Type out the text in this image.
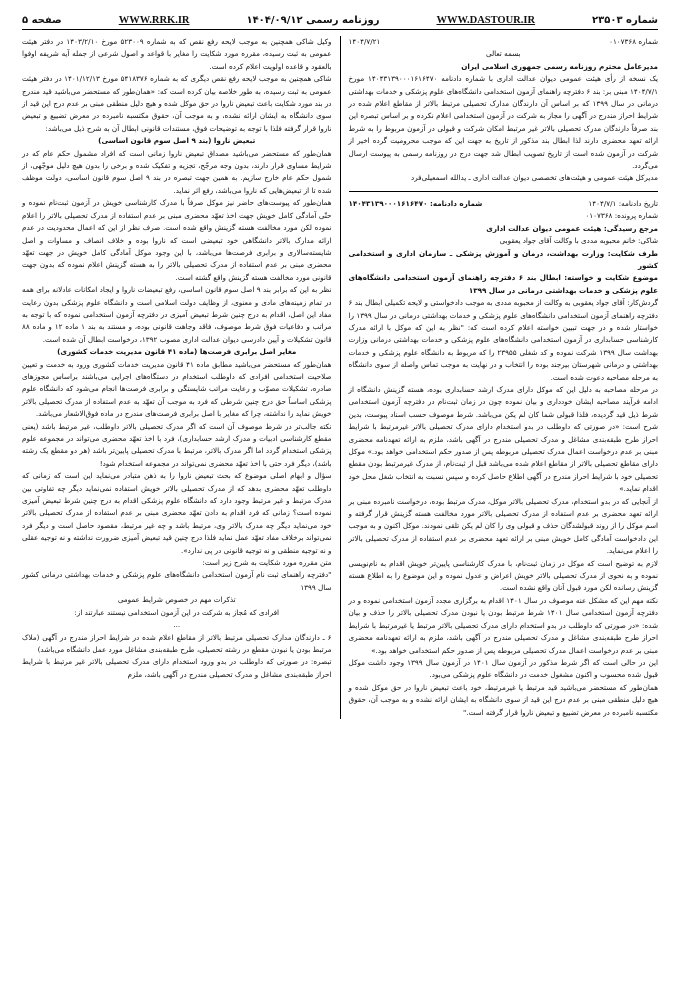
شماره ۲۳۵۰۳
WWW.DASTOUR.IR
روزنامه رسمی ۱۴۰۴/۰۹/۱۲
WWW.RRK.IR
صفحه ۵
شماره ۰۱۰۷۳۶۸
۱۴۰۴/۷/۲۱

بسمه تعالی

مدیرعامل محترم روزنامه رسمی جمهوری اسلامی ایران

یک نسخه از رأی هیئت عمومی دیوان عدالت اداری با شماره دادنامه ۱۴۰۴۳۱۳۹۰۰۰۱۶۱۶۴۷۰ مورخ ۱۴۰۴/۷/۱ مبنی بر: بند ۶ دفترچه راهنمای آزمون استخدامی دانشگاه‌های علوم پزشکی و خدمات بهداشتی درمانی در سال ۱۳۹۹ که بر اساس آن دارندگان مدارک تحصیلی مرتبط بالاتر از مقاطع اعلام شده در شرایط احراز مندرج در آگهی را مجاز به شرکت در آزمون استخدامی اعلام نکرده و بر اساس تبصره این بند صرفاً دارندگان مدرک تحصیلی بالاتر غیر مرتبط امکان شرکت و قبولی در آزمون مربوط را به شرط ارائه تعهد محضری دارند لذا ابطال بند مذکور از تاریخ به جهت این که موجب محرومیت گرده اخیر از شرکت در آزمون شده است از تاریخ تصویب ابطال شد جهت درج در روزنامه رسمی به پیوست ارسال می‌گردد.

مدیرکل هیئت عمومی و هیئت‌های تخصصی دیوان عدالت اداری ـ یدالله اسمعیلی‌فرد

تاریخ دادنامه: ۱۴۰۴/۷/۱
شماره دادنامه: ۱۴۰۴۳۱۳۹۰۰۰۱۶۱۶۴۷۰

شماره پرونده: ۰۱۰۷۳۶۸

مرجع رسیدگی: هیئت عمومی دیوان عدالت اداری

شاکی: خانم محبوبه مددی با وکالت آقای جواد یعقوبی

طرف شکایت: وزارت بهداشت، درمان و آموزش پزشکی ـ سازمان اداری و استخدامی کشور

موضوع شکایت و خواسته: ابطال بند ۶ دفترچه راهنمای آزمون استخدامی دانشگاه‌های علوم پزشکی و خدمات بهداشتی درمانی در سال ۱۳۹۹

گردش‌کار: آقای جواد یعقوبی به وکالت از محبوبه مددی به موجب دادخواستی و لایحه تکمیلی ابطال بند ۶ دفترچه راهنمای آزمون استخدامی دانشگاه‌های علوم پزشکی و خدمات بهداشتی درمانی در سال ۱۳۹۹ را خواستار شده و در جهت تبیین خواسته اعلام کرده است که: "نظر به این که موکل با ارائه مدرک کارشناسی حسابداری در آزمون استخدامی دانشگاه‌های علوم پزشکی و خدمات بهداشتی درمانی وزارت بهداشت سال ۱۳۹۹ شرکت نموده و کد شغلی ۲۳۹۵۵ را که مربوط به دانشگاه علوم پزشکی و خدمات بهداشتی و درمانی شهرستان بیرجند بوده را انتخاب و در نهایت به موجب تماس واصله از سوی دانشگاه به مرحله مصاحبه دعوت شده است.

در مرحله مصاحبه به دلیل این که موکل دارای مدرک ارشد حسابداری بوده، هسته گزینش دانشگاه از ادامه فرآیند مصاحبه ایشان خودداری و بیان نموده چون در زمان ثبت‌نام در دفترچه آزمون استخدامی شرط ذیل قید گردیده، فلذا قبولی شما کان لم یکن می‌باشد. شرط موصوف حسب اسناد پیوست، بدین شرح است: «در صورتی که داوطلب در بدو استخدام دارای مدرک تحصیلی بالاتر غیرمرتبط با شرایط احراز طرح طبقه‌بندی مشاغل و مدرک تحصیلی مندرج در آگهی باشد، ملزم به ارائه تعهدنامه محضری مبنی بر عدم درخواست اعمال مدرک تحصیلی مربوطه پس از صدور حکم استخدامی خواهد بود.» موکل دارای مقاطع تحصیلی بالاتر از مقاطع اعلام شده می‌باشد قبل از ثبت‌نام، از مدرک غیرمرتبط بودن مقطع تحصیلی خود با شرایط احراز مندرج در آگهی اطلاع حاصل کرده و سپس نسبت به انتخاب شغل محل خود اقدام نماید.»

از آنجایی که در بدو استخدام، مدرک تحصیلی بالاتر موکل، مدرک مرتبط بوده، درخواست نامبرده مبنی بر ارائه تعهد محضری بر عدم استفاده از مدرک تحصیلی بالاتر مورد مخالفت هسته گزینش قرار گرفته و اسم موکل را از روند قبولشدگان حذف و قبولی وی را کان لم یکن تلقی نمودند. موکل اکنون و به موجب این دادخواست آمادگی کامل خویش مبنی بر ارائه تعهد محضری بر عدم استفاده از مدرک تحصیلی بالاتر را اعلام می‌نماید.

لازم به توضیح است که موکل در زمان ثبت‌نام، با مدرک کارشناسی پایین‌تر خویش اقدام به نام‌نویسی نموده و به نحوی از مدرک تحصیلی بالاتر خویش اعراض و عدول نموده و این موضوع را به اطلاع هسته گزینش رسانده لکن مورد قبول آنان واقع نشده است.

نکته مهم این که مشکل عنه موصوف در سال ۱۴۰۱ اقدام به برگزاری مجدد آزمون استخدامی نموده و در دفترچه آزمون استخدامی سال ۱۴۰۱ شرط مرتبط بودن یا نبودن مدرک تحصیلی بالاتر را حذف و بیان شده: «در صورتی که داوطلب در بدو استخدام دارای مدرک تحصیلی بالاتر مرتبط یا غیرمرتبط با شرایط احراز طرح طبقه‌بندی مشاغل و مدرک تحصیلی مندرج در آگهی باشد، ملزم به ارائه تعهدنامه محضری مبنی بر عدم درخواست اعمال مدرک تحصیلی مربوطه پس از صدور حکم استخدامی خواهد بود.»

این در حالی است که اگر شرط مذکور در آزمون سال ۱۴۰۱ در آزمون سال ۱۳۹۹ وجود داشت موکل قبول شده محسوب و اکنون مشغول خدمت در دانشگاه علوم پزشکی می‌بود.

همان‌طور که مستحضر می‌باشید قید مرتبط یا غیرمرتبط، خود باعث تبعیض ناروا در حق موکل شده و هیچ دلیل منطقی مبنی بر عدم درج این قید از سوی دانشگاه به ایشان ارائه نشده و به موجب آن، حقوق مکتسبه نامبرده در معرض تضییع و تبعیض ناروا قرار گرفته است."

وکیل شاکی همچنین به موجب لایحه رفع نقص که به شماره ۵۲۳۰۰۹ مورخ ۱۴۰۳/۲/۱۰ در دفتر هیئت عمومی به ثبت رسیده، مقرره مورد شکایت را مغایر با قواعد و اصول شرعی از جمله آیه شریفه اوفوا بالعقود و قاعده اولویت اعلام کرده است.

شاکی همچنین به موجب لایحه رفع نقص دیگری که به شماره ۵۴۱۸۳۷۶ مورخ ۱۴۰۱/۱۲/۱۳ در دفتر هیئت عمومی به ثبت رسیده، به طور خلاصه بیان کرده است که: «همان‌طور که مستحضر می‌باشید قید مندرج در بند مورد شکایت باعث تبعیض ناروا در حق موکل شده و هیچ دلیل منطقی مبنی بر عدم درج این قید از سوی دانشگاه به ایشان ارائه نشده، و به موجب آن، حقوق مکتسبه نامبرده در معرض تضییع و تبعیض ناروا قرار گرفته فلذا با توجه به توضیحات فوق، مستندات قانونی ابطال آن به شرح ذیل می‌باشد:

تبعیض ناروا (بند ۹ اصل سوم قانون اساسی)

همان‌طور که مستحضر می‌باشید مصداق تبعیض ناروا زمانی است که افراد مشمول حکم عام که در شرایط مساوی قرار دارند، بدون وجه مرجّح، تجزیه و تفکیک شده و برخی را بدون هیچ دلیل موجّهی، از شمول حکم عام خارج سازیم. به همین جهت تبصره در بند ۹ اصل سوم قانون اساسی، دولت موظف شده تا از تبعیض‌هایی که ناروا می‌باشد، رفع اثر نماید.

همان‌طور که پیوست‌های حاضر نیز موکل صرفاً با مدرک کارشناسی خویش در آزمون ثبت‌نام نموده و حتّی آمادگی کامل خویش جهت اخذ تعهّد محضری مبنی بر عدم استفاده از مدرک تحصیلی بالاتر را اعلام نموده لکن مورد مخالفت هسته گزینش واقع شده است. صرف نظر از این که اعمال محدودیت در عدم ارائه مدارک بالاتر دانشگاهی خود تبعیضی است که ناروا بوده و خلاف انصاف و مساوات و اصل شایسته‌سالاری و برابری فرصت‌ها می‌باشد، با این وجود موکل آمادگی کامل خویش در جهت تعهّد محضری مبنی بر عدم استفاده از مدرک تحصیلی بالاتر را به هسته گزینش اعلام نموده که بدون جهت قانونی مورد مخالفت هسته گزینش واقع گشته است.

نظر به این که برابر بند ۹ اصل سوم قانون اساسی، رفع تبعیضات ناروا و ایجاد امکانات عادلانه برای همه در تمام زمینه‌های مادی و معنوی، از وظایف دولت اسلامی است و دانشگاه علوم پزشکی بدون رعایت مفاد این اصل، اقدام به درج چنین شرط تبعیض آمیزی در دفترچه آزمون استخدامی نموده که با توجه به مراتب و دفاعیات فوق شرط موصوف، فاقد وجاهت قانونی بوده، و مستند به بند ۱ ماده ۱۲ و ماده ۸۸ قانون تشکیلات و آیین دادرسی دیوان عدالت اداری مصوب ۱۳۹۲، درخواست ابطال آن شده است.

مغایر اصل برابری فرصت‌ها (ماده ۴۱ قانون مدیریت خدمات کشوری)

همان‌طور که مستحضر می‌باشید مطابق ماده ۴۱ قانون مدیریت خدمات کشوری ورود به خدمت و تعیین صلاحیت استخدامی افرادی که داوطلب استخدام در دستگاه‌های اجرایی می‌باشند براساس مجوزهای صادره، تشکیلات مصوّب و رعایت مراتب شایستگی و برابری فرصت‌ها انجام می‌شود که دانشگاه علوم پزشکی اساساً حق درج چنین شرطی که فرد به موجب آن تعهّد به عدم استفاده از مدرک تحصیلی بالاتر خویش نماید را نداشته، چرا که مغایر با اصل برابری فرصت‌های مندرج در ماده فوق‌الاشعار می‌باشد.

نکته جالب‌تر در شرط موصوف آن است که اگر مدرک تحصیلی بالاتر داوطلب، غیر مرتبط باشد (یعنی مقطع کارشناسی ادبیات و مدرک ارشد حسابداری)، فرد با اخذ تعهّد محضری می‌تواند در مجموعه علوم پزشکی استخدام گردد اما اگر مدرک بالاتر، مرتبط با مدرک تحصیلی پایین‌تر باشد (هر دو مقطع یک رشته باشد)، دیگر فرد حتی با اخذ تعهّد محضری نمی‌تواند در مجموعه استخدام شود!

سؤال و ابهام اصلی موضوع که بحث تبعیض ناروا را به ذهن متبادر می‌نماید این است که زمانی که داوطلب تعهّد محضری بدهد که از مدرک تحصیلی بالاتر خویش استفاده نمی‌نماید دیگر چه تفاوتی بین مدرک مرتبط و غیر مرتبط وجود دارد که دانشگاه علوم پزشکی اقدام به درج چنین شرط تبعیض آمیزی نموده است؟ زمانی که فرد اقدام به دادن تعهّد محضری مبنی بر عدم استفاده از مدرک تحصیلی بالاتر خود می‌نماید دیگر چه مدرک بالاتر وی، مرتبط باشد و چه غیر مرتبط، مقصود حاصل است و دیگر فرد نمی‌تواند برخلاف مفاد تعهّد عمل نماید فلذا درج چنین قید تبعیض آمیزی ضرورت نداشته و نه توجیه عقلی و نه توجیه منطقی و نه توجیه قانونی در پی ندارد».

متن مقرره مورد شکایت به شرح زیر است:

"دفترچه راهنمای ثبت نام آزمون استخدامی دانشگاه‌های علوم پزشکی و خدمات بهداشتی درمانی کشور سال ۱۳۹۹

تذکرات مهم در خصوص شرایط عمومی

افرادی که مُجاز به شرکت در این آزمون استخدامی نیستند عبارتند از:

...

۶ ـ دارندگان مدارک تحصیلی مرتبط بالاتر از مقاطع اعلام شده در شرایط احراز مندرج در آگهی (ملاک مرتبط بودن یا نبودن مقطع در رشته تحصیلی، طرح طبقه‌بندی مشاغل مورد عمل دانشگاه می‌باشد)

تبصره: در صورتی که داوطلب در بدو ورود استخدام دارای مدرک تحصیلی بالاتر غیر مرتبط با شرایط احراز طبقه‌بندی مشاغل و مدرک تحصیلی مندرج در آگهی باشد، ملزم
